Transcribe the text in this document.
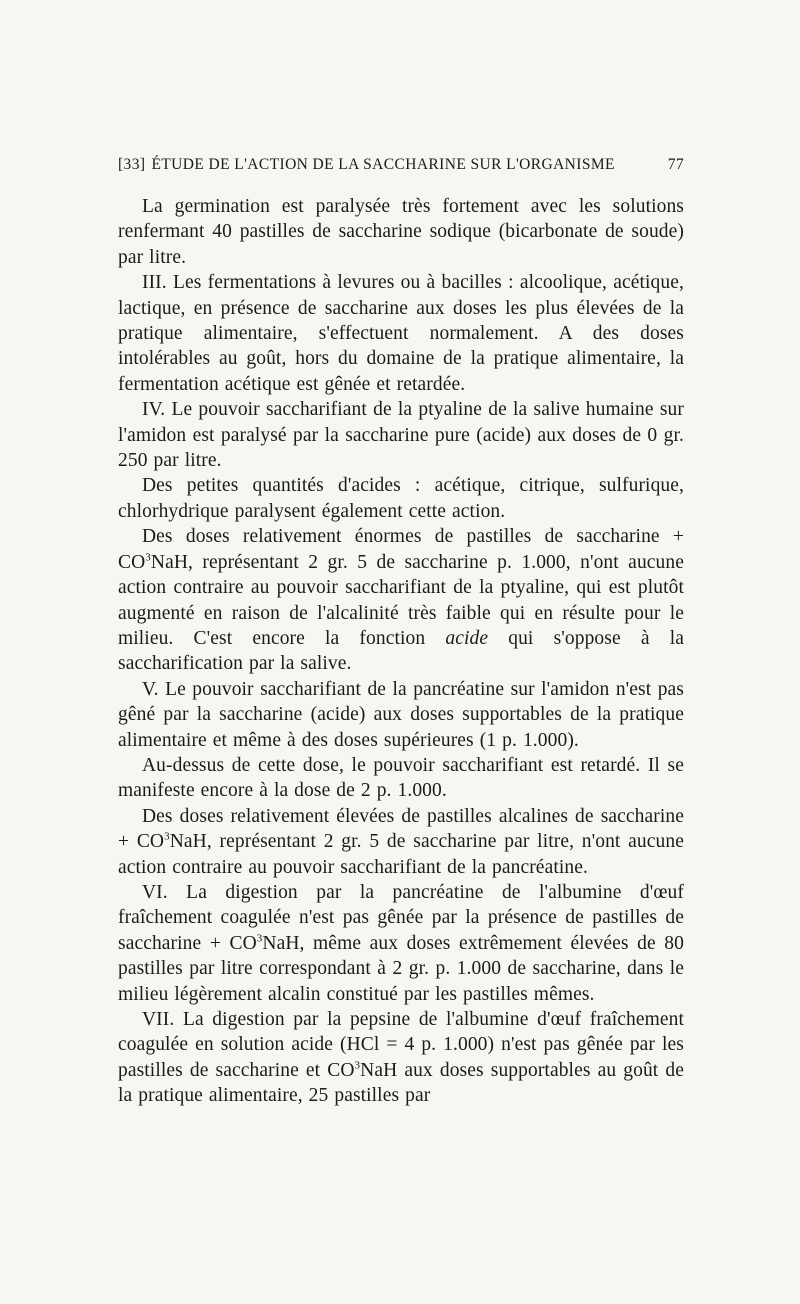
[33] ÉTUDE DE L'ACTION DE LA SACCHARINE SUR L'ORGANISME	77

La germination est paralysée très fortement avec les solutions renfermant 40 pastilles de saccharine sodique (bicarbonate de soude) par litre.

III. Les fermentations à levures ou à bacilles : alcoolique, acétique, lactique, en présence de saccharine aux doses les plus élevées de la pratique alimentaire, s'effectuent normalement. A des doses intolérables au goût, hors du domaine de la pratique alimentaire, la fermentation acétique est gênée et retardée.

IV. Le pouvoir saccharifiant de la ptyaline de la salive humaine sur l'amidon est paralysé par la saccharine pure (acide) aux doses de 0 gr. 250 par litre.

Des petites quantités d'acides : acétique, citrique, sulfurique, chlorhydrique paralysent également cette action.

Des doses relativement énormes de pastilles de saccharine + $CO^3NaH$, représentant 2 gr. 5 de saccharine p. 1.000, n'ont aucune action contraire au pouvoir saccharifiant de la ptyaline, qui est plutôt augmenté en raison de l'alcalinité très faible qui en résulte pour le milieu. C'est encore la fonction acide qui s'oppose à la saccharification par la salive.

V. Le pouvoir saccharifiant de la pancréatine sur l'amidon n'est pas gêné par la saccharine (acide) aux doses supportables de la pratique alimentaire et même à des doses supérieures (1 p. 1.000).

Au-dessus de cette dose, le pouvoir saccharifiant est retardé. Il se manifeste encore à la dose de 2 p. 1.000.

Des doses relativement élevées de pastilles alcalines de saccharine + $CO^3NaH$, représentant 2 gr. 5 de saccharine par litre, n'ont aucune action contraire au pouvoir saccharifiant de la pancréatine.

VI. La digestion par la pancréatine de l'albumine d'œuf fraîchement coagulée n'est pas gênée par la présence de pastilles de saccharine + $CO^3NaH$, même aux doses extrêmement élevées de 80 pastilles par litre correspondant à 2 gr. p. 1.000 de saccharine, dans le milieu légèrement alcalin constitué par les pastilles mêmes.

VII. La digestion par la pepsine de l'albumine d'œuf fraîchement coagulée en solution acide (HCl = 4 p. 1.000) n'est pas gênée par les pastilles de saccharine et $CO^3NaH$ aux doses supportables au goût de la pratique alimentaire, 25 pastilles par
